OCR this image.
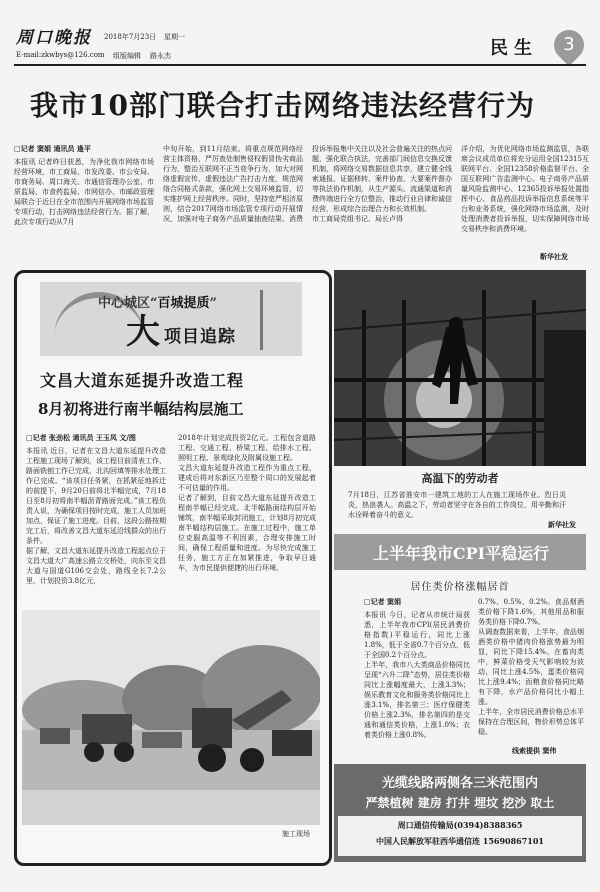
周口晚报 2018年7月23日 星期一
E-mail:zkwbys@126.com 组版编辑 路永杰	民生	3
我市10部门联合打击网络违法经营行为
□记者 窦娟 通讯员 逢平
本报讯 记者昨日获悉，为净化我市网络市场经营环境，市工商局、市发改委、市公安局、市商务局、周口海关、市通信管理办公室、市质监局、市食药监局、市网信办、市邮政管理局联合于近日在全市范围内开展网络市场监管专项行动，打击网络违法经营行为。据了解，此次专项行动从7月
中旬开始，到11月结束。将重点规范网络经营主体资格，严厉查处制售侵权假冒伪劣商品行为，整治互联网不正当竞争行为，加大对网络虚假宣传、虚假违法广告打击力度，规范网络合同格式条款，强化网上交易环境监管，切实维护网上经营秩序。同时，坚持宽严相济原则，结合2017网络市场监管专项行动开展情况，加强对电子商务产品质量抽查结果、消费
投诉举报集中关注以及社会普遍关注的热点问题，强化联合执法，完善部门间信息交换反馈机制，将网络交易数据信息共享，建立健全线索通报、证据移转、案件协查、大要案件督办等执法协作机制，从生产源头、流通渠道和消费终端进行全方位整治，推动行业自律和诚信经营，形成综合治理合力和长效机制。
市工商局党组书记、局长卢得
洋介绍，为优化网络市场监测监管，各联席会议成员单位将充分运用全国12315互联网平台、全国12358价格监督平台、全国互联网广告监测中心、电子商务产品质量风险监测中心、12365投诉举报处置指挥中心、食品药品投诉举报信息系统等平台和业务系统，强化网络市场监测，及时处理消费者投诉举报，切实保障网络市场交易秩序和消费环境。
靳华社发
中心城区“百城提质”
大 项目追踪
文昌大道东延提升改造工程
8月初将进行南半幅结构层施工
□记者 张劲松 通讯员 王玉凤 文/图
本报讯 近日，记者在文昌大道东延提升改造工程施工现场了解到，该工程目前清表工作、路面铣刨工作已完成，北沟回填等排水处理工作已完成。“该项目任务紧，在抓紧征地拆迁的前提下，9月20日前将北半幅完成，7月18日至8月初将南半幅沥青路面完成。”该工程负责人说，为确保项目按时完成，施工人员加班加点，保证了施工进度。目前，这段公路按期完工后，将改善文昌大道东延沿线群众的出行条件。
据了解，文昌大道东延提升改造工程起点位于文昌大道大广高速公路立交桥处，向东至文昌大道与国道G106交会处，路线全长7.2公里，计划投资3.8亿元，
2018年计划完成投资2亿元。工程包含道路工程、交通工程、桥梁工程、给排水工程、照明工程、景观绿化及附属设施工程。
文昌大道东延提升改造工程作为重点工程，建成后将对东新区乃至整个周口的发展起着不可估量的作用。
记者了解到，目前文昌大道东延提升改造工程南半幅已经完成。北半幅路面结构层开始铺筑，南半幅采取封闭施工，计划8月初完成南半幅结构层施工。在施工过程中，施工单位克服高温等不利因素，合理安排施工时间，确保工程质量和进度。为尽快完成施工任务，施工方正在加紧推进，争取早日通车，为市民提供便捷的出行环境。
施工现场
高温下的劳动者
7月18日，江苏省淮安市一建筑工地的工人在施工现场作业。烈日炎炎，热浪袭人。高温之下，劳动者坚守在各自的工作岗位，用辛勤和汗水诠释着奋斗的意义。
新华社发
上半年我市CPI平稳运行
居住类价格涨幅居首
□记者 窦娟
本报讯 今日，记者从市统计局获悉，上半年我市CPI(居民消费价格指数)平稳运行，同比上涨1.8%，低于全省0.7个百分点，低于全国0.2个百分点。
上半年，我市八大类商品价格同比呈现“六升二降”态势，居住类价格同比上涨幅度最大，上涨3.3%；娱乐教育文化和服务类价格同比上涨3.1%，排名第三；医疗保健类价格上涨2.3%，排名第四的是交通和通信类价格，上涨1.0%；衣着类价格上涨0.8%。
0.7%、0.5%、0.2%。食品烟酒类价格下降1.6%，其他用品和服务类价格下降0.7%。
从调查数据来看，上半年，食品烟酒类价格中猪肉价格涨势最为明显，同比下降15.4%。在畜肉类中，鲜菜价格受天气影响较为波动，同比上涨4.5%，蛋类价格同比上涨9.4%；而粮食价格同比略有下降，水产品价格同比小幅上涨。
上半年，全市居民消费价格总水平保持在合理区间，物价形势总体平稳。
线索提供 窦伟
光缆线路两侧各三米范围内
严禁植树 建房 打井 埋坟 挖沙 取土
周口通信传输局(0394)8388365
中国人民解放军驻西华通信连 15690867101
